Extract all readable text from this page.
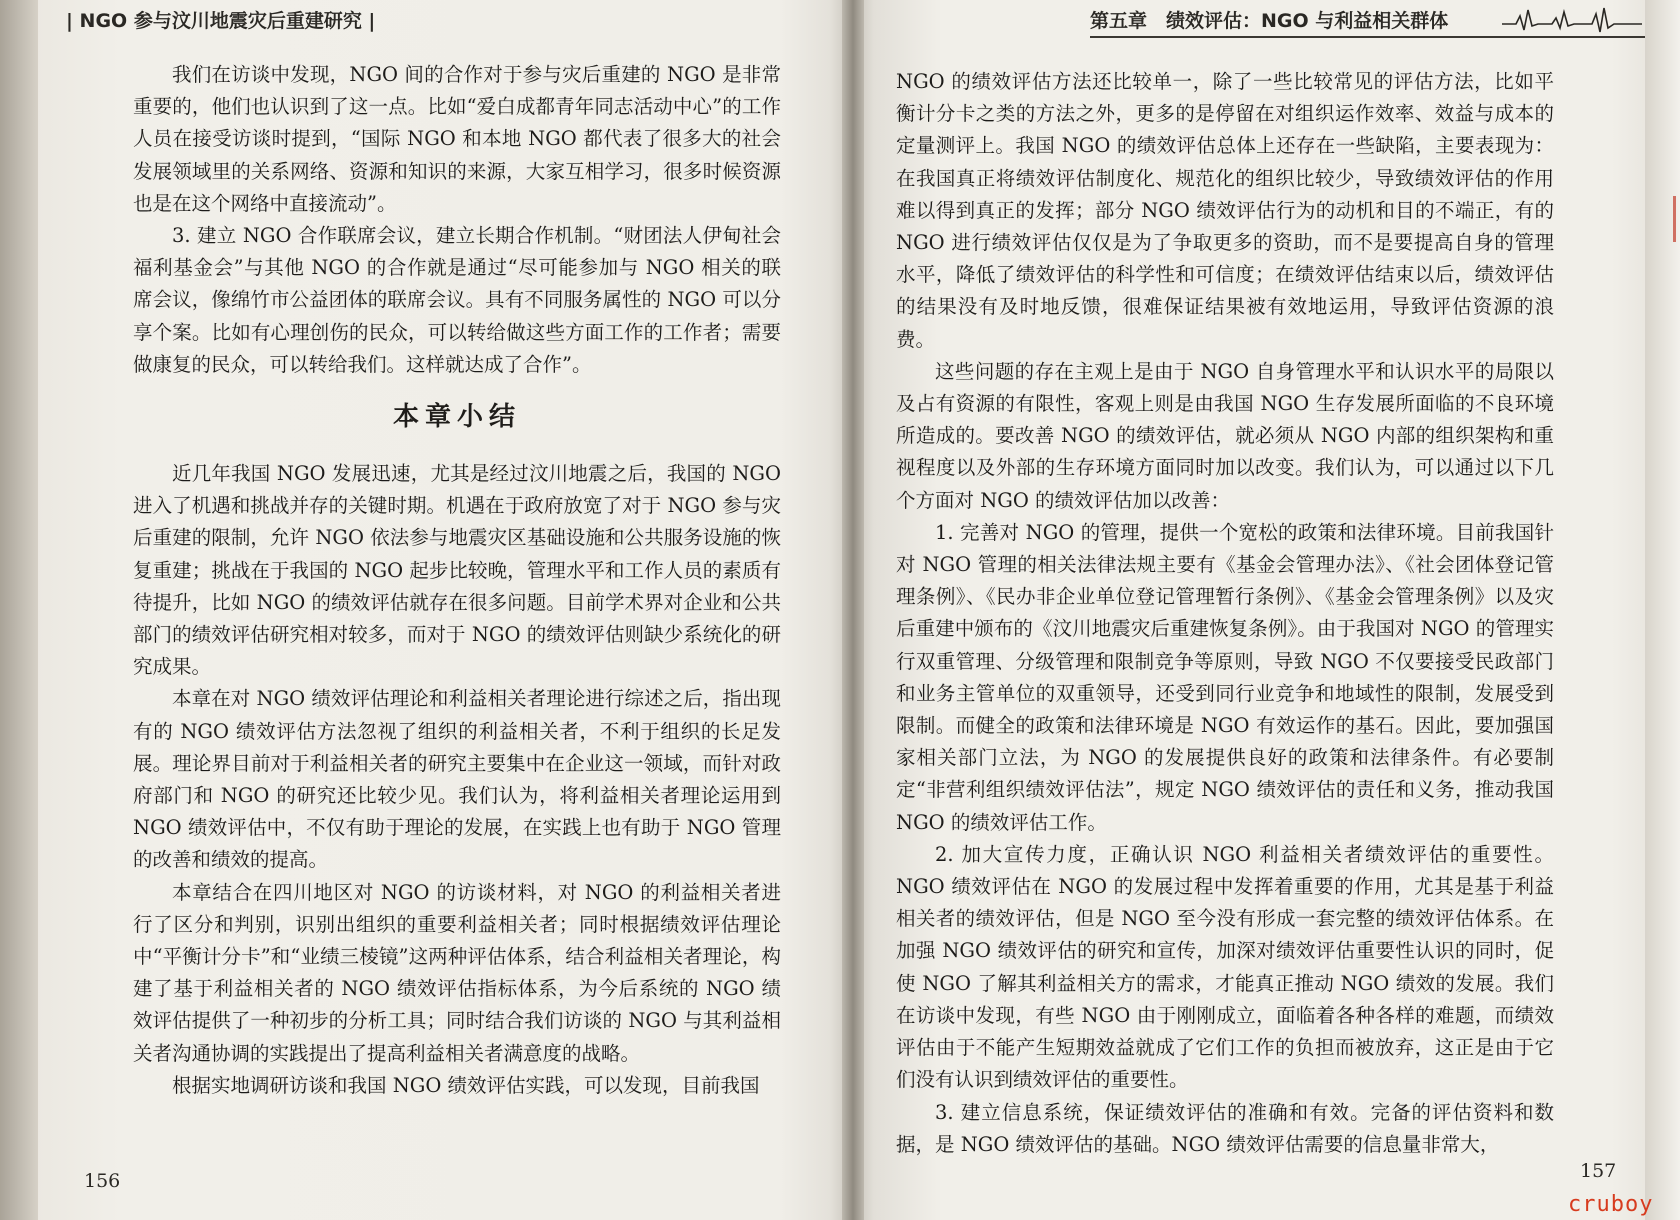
| NGO 参与汶川地震灾后重建研究 |	第五章　绩效评估：NGO 与利益相关群体

我们在访谈中发现，NGO 间的合作对于参与灾后重建的 NGO 是非常重要的，他们也认识到了这一点。比如“爱白成都青年同志活动中心”的工作人员在接受访谈时提到，“国际 NGO 和本地 NGO 都代表了很多大的社会发展领域里的关系网络、资源和知识的来源，大家互相学习，很多时候资源也是在这个网络中直接流动”。

3. 建立 NGO 合作联席会议，建立长期合作机制。“财团法人伊甸社会福利基金会”与其他 NGO 的合作就是通过“尽可能参加与 NGO 相关的联席会议，像绵竹市公益团体的联席会议。具有不同服务属性的 NGO 可以分享个案。比如有心理创伤的民众，可以转给做这些方面工作的工作者；需要做康复的民众，可以转给我们。这样就达成了合作”。

本章小结

近几年我国 NGO 发展迅速，尤其是经过汶川地震之后，我国的 NGO 进入了机遇和挑战并存的关键时期。机遇在于政府放宽了对于 NGO 参与灾后重建的限制，允许 NGO 依法参与地震灾区基础设施和公共服务设施的恢复重建；挑战在于我国的 NGO 起步比较晚，管理水平和工作人员的素质有待提升，比如 NGO 的绩效评估就存在很多问题。目前学术界对企业和公共部门的绩效评估研究相对较多，而对于 NGO 的绩效评估则缺少系统化的研究成果。

本章在对 NGO 绩效评估理论和利益相关者理论进行综述之后，指出现有的 NGO 绩效评估方法忽视了组织的利益相关者，不利于组织的长足发展。理论界目前对于利益相关者的研究主要集中在企业这一领域，而针对政府部门和 NGO 的研究还比较少见。我们认为，将利益相关者理论运用到 NGO 绩效评估中，不仅有助于理论的发展，在实践上也有助于 NGO 管理的改善和绩效的提高。

本章结合在四川地区对 NGO 的访谈材料，对 NGO 的利益相关者进行了区分和判别，识别出组织的重要利益相关者；同时根据绩效评估理论中“平衡计分卡”和“业绩三棱镜”这两种评估体系，结合利益相关者理论，构建了基于利益相关者的 NGO 绩效评估指标体系，为今后系统的 NGO 绩效评估提供了一种初步的分析工具；同时结合我们访谈的 NGO 与其利益相关者沟通协调的实践提出了提高利益相关者满意度的战略。

根据实地调研访谈和我国 NGO 绩效评估实践，可以发现，目前我国

NGO 的绩效评估方法还比较单一，除了一些比较常见的评估方法，比如平衡计分卡之类的方法之外，更多的是停留在对组织运作效率、效益与成本的定量测评上。我国 NGO 的绩效评估总体上还存在一些缺陷，主要表现为：在我国真正将绩效评估制度化、规范化的组织比较少，导致绩效评估的作用难以得到真正的发挥；部分 NGO 绩效评估行为的动机和目的不端正，有的 NGO 进行绩效评估仅仅是为了争取更多的资助，而不是要提高自身的管理水平，降低了绩效评估的科学性和可信度；在绩效评估结束以后，绩效评估的结果没有及时地反馈，很难保证结果被有效地运用，导致评估资源的浪费。

这些问题的存在主观上是由于 NGO 自身管理水平和认识水平的局限以及占有资源的有限性，客观上则是由我国 NGO 生存发展所面临的不良环境所造成的。要改善 NGO 的绩效评估，就必须从 NGO 内部的组织架构和重视程度以及外部的生存环境方面同时加以改变。我们认为，可以通过以下几个方面对 NGO 的绩效评估加以改善：

1. 完善对 NGO 的管理，提供一个宽松的政策和法律环境。目前我国针对 NGO 管理的相关法律法规主要有《基金会管理办法》、《社会团体登记管理条例》、《民办非企业单位登记管理暂行条例》、《基金会管理条例》以及灾后重建中颁布的《汶川地震灾后重建恢复条例》。由于我国对 NGO 的管理实行双重管理、分级管理和限制竞争等原则，导致 NGO 不仅要接受民政部门和业务主管单位的双重领导，还受到同行业竞争和地域性的限制，发展受到限制。而健全的政策和法律环境是 NGO 有效运作的基石。因此，要加强国家相关部门立法，为 NGO 的发展提供良好的政策和法律条件。有必要制定“非营利组织绩效评估法”，规定 NGO 绩效评估的责任和义务，推动我国 NGO 的绩效评估工作。

2. 加大宣传力度，正确认识 NGO 利益相关者绩效评估的重要性。NGO 绩效评估在 NGO 的发展过程中发挥着重要的作用，尤其是基于利益相关者的绩效评估，但是 NGO 至今没有形成一套完整的绩效评估体系。在加强 NGO 绩效评估的研究和宣传，加深对绩效评估重要性认识的同时，促使 NGO 了解其利益相关方的需求，才能真正推动 NGO 绩效的发展。我们在访谈中发现，有些 NGO 由于刚刚成立，面临着各种各样的难题，而绩效评估由于不能产生短期效益就成了它们工作的负担而被放弃，这正是由于它们没有认识到绩效评估的重要性。

3. 建立信息系统，保证绩效评估的准确和有效。完备的评估资料和数据，是 NGO 绩效评估的基础。NGO 绩效评估需要的信息量非常大，

156	157
cruboy
